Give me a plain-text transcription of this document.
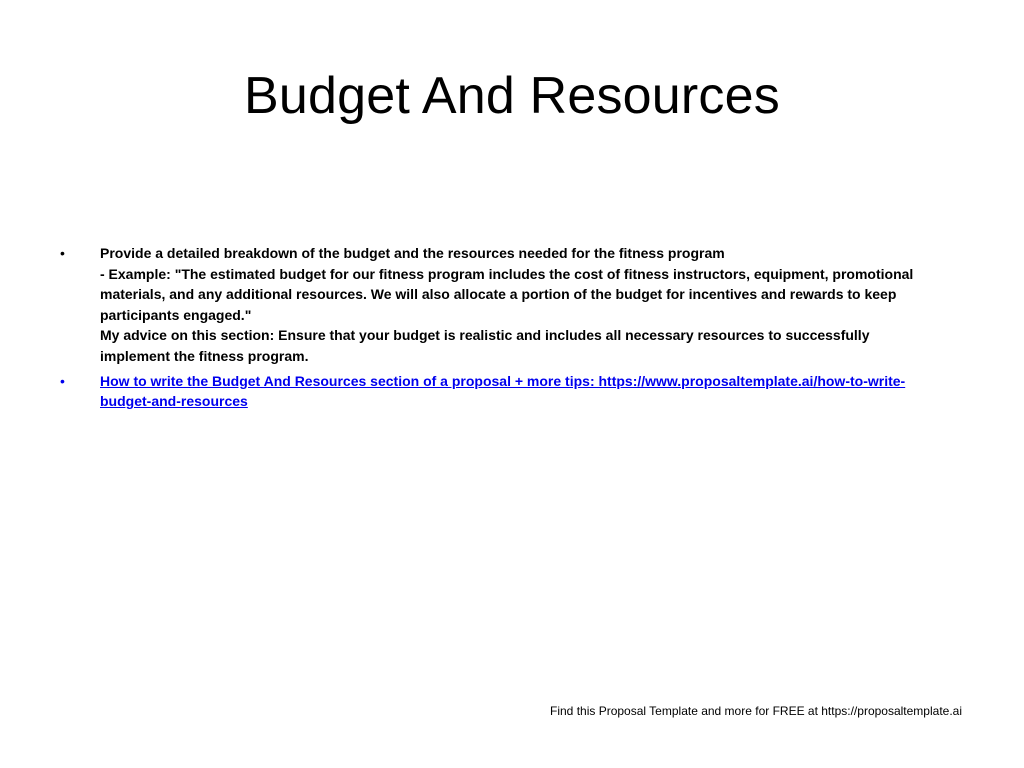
Budget And Resources
•	Provide a detailed breakdown of the budget and the resources needed for the fitness program
- Example: "The estimated budget for our fitness program includes the cost of fitness instructors, equipment, promotional materials, and any additional resources. We will also allocate a portion of the budget for incentives and rewards to keep participants engaged."
My advice on this section: Ensure that your budget is realistic and includes all necessary resources to successfully implement the fitness program.
•	How to write the Budget And Resources section of a proposal + more tips: https://www.proposaltemplate.ai/how-to-write-budget-and-resources
Find this Proposal Template and more for FREE at https://proposaltemplate.ai
